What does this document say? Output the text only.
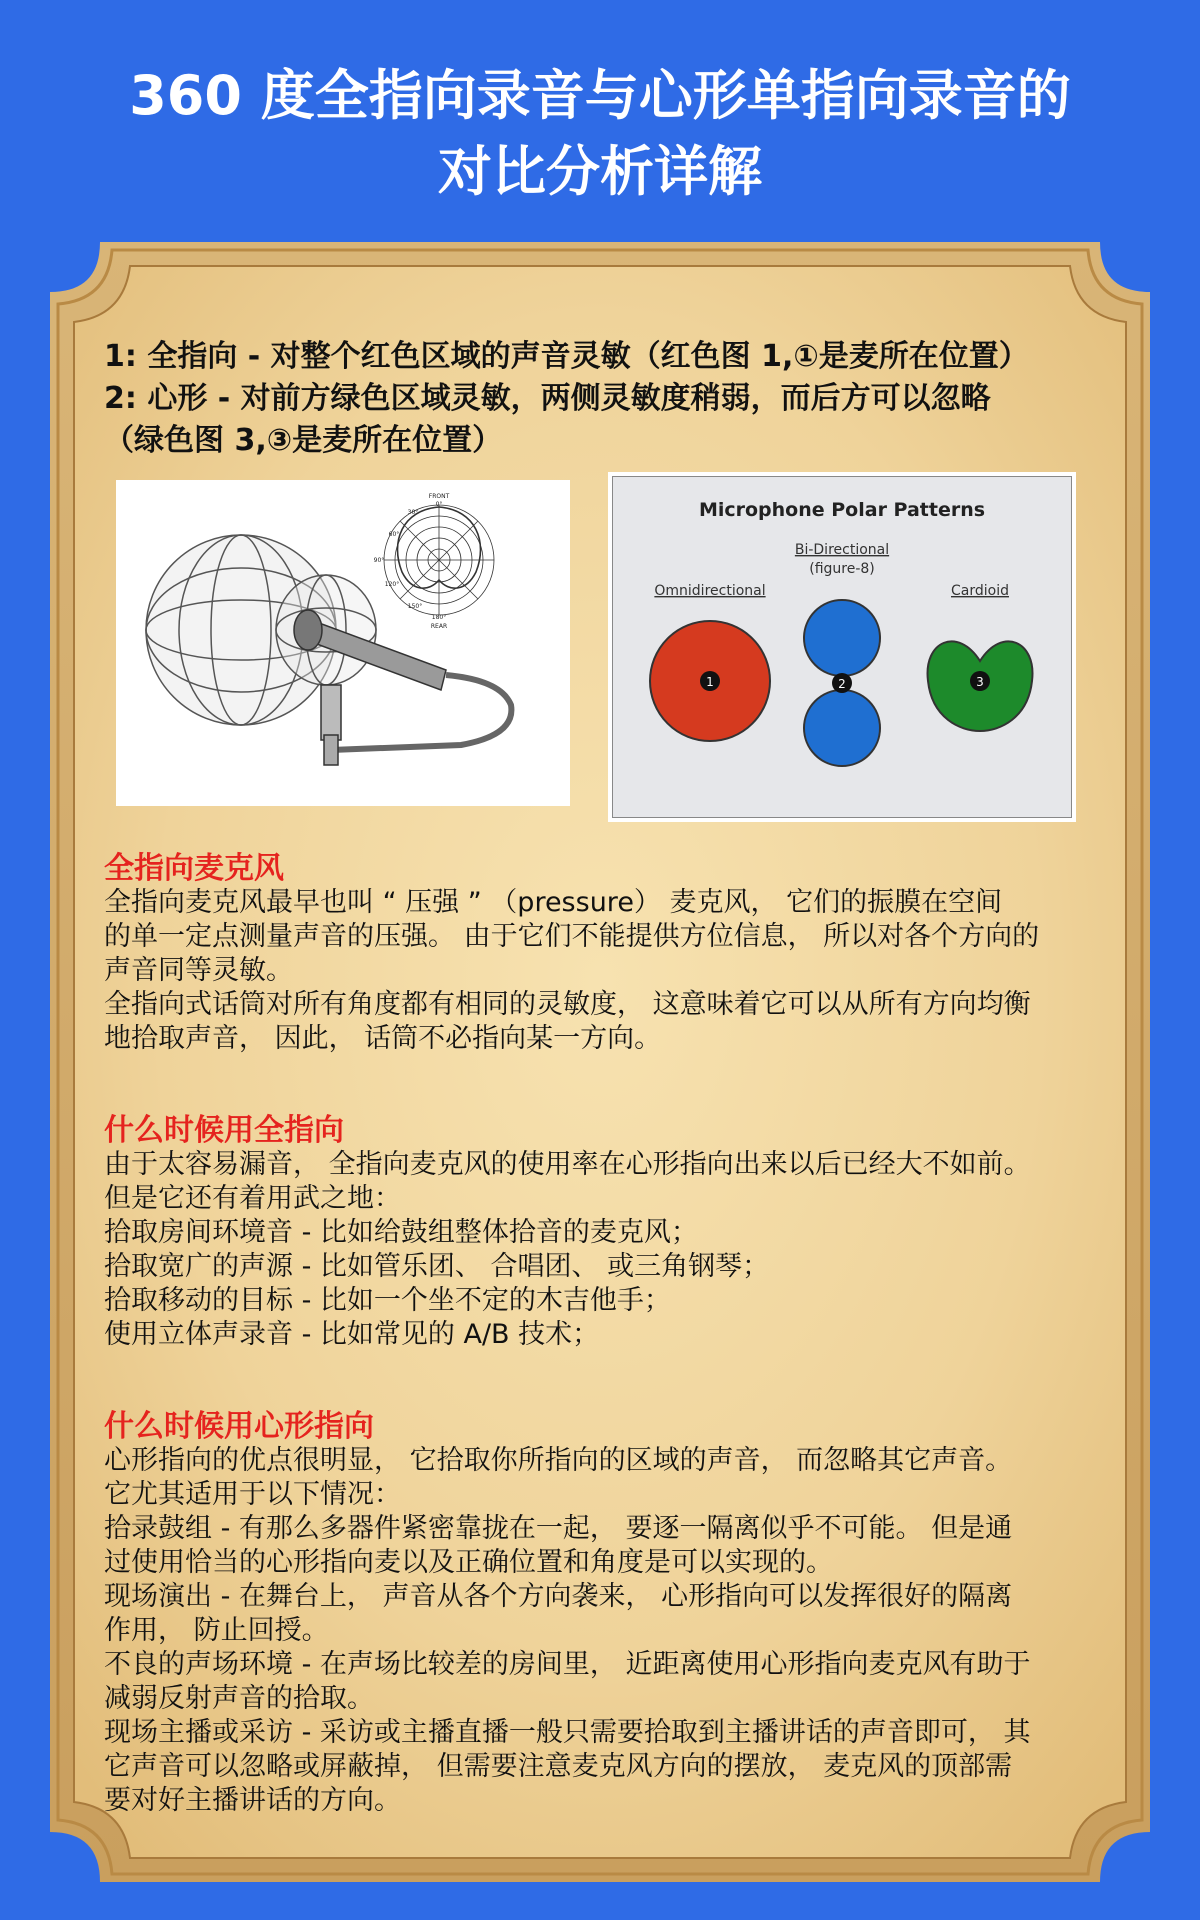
360 度全指向录音与心形单指向录音的
对比分析详解

1: 全指向 - 对整个红色区域的声音灵敏（红色图 1,①是麦所在位置）

2: 心形 - 对前方绿色区域灵敏，两侧灵敏度稍弱，而后方可以忽略

（绿色图 3,③是麦所在位置）

FRONT
REAR
0°
30°
60°
90°
120°
150°
180°
Microphone Polar Patterns
Bi-Directional
(figure-8)
Omnidirectional	Cardioid
1	2	3

全指向麦克风

全指向麦克风最早也叫 “ 压强 ” （pressure） 麦克风， 它们的振膜在空间

的单一定点测量声音的压强。 由于它们不能提供方位信息， 所以对各个方向的

声音同等灵敏。

全指向式话筒对所有角度都有相同的灵敏度， 这意味着它可以从所有方向均衡

地拾取声音， 因此， 话筒不必指向某一方向。

什么时候用全指向

由于太容易漏音， 全指向麦克风的使用率在心形指向出来以后已经大不如前。

但是它还有着用武之地：

拾取房间环境音 - 比如给鼓组整体拾音的麦克风；

拾取宽广的声源 - 比如管乐团、 合唱团、 或三角钢琴；

拾取移动的目标 - 比如一个坐不定的木吉他手；

使用立体声录音 - 比如常见的 A/B 技术；

什么时候用心形指向

心形指向的优点很明显， 它拾取你所指向的区域的声音， 而忽略其它声音。

它尤其适用于以下情况：

拾录鼓组 - 有那么多器件紧密靠拢在一起， 要逐一隔离似乎不可能。 但是通

过使用恰当的心形指向麦以及正确位置和角度是可以实现的。

现场演出 - 在舞台上， 声音从各个方向袭来， 心形指向可以发挥很好的隔离

作用， 防止回授。

不良的声场环境 - 在声场比较差的房间里， 近距离使用心形指向麦克风有助于

减弱反射声音的拾取。

现场主播或采访 - 采访或主播直播一般只需要拾取到主播讲话的声音即可， 其

它声音可以忽略或屏蔽掉， 但需要注意麦克风方向的摆放， 麦克风的顶部需

要对好主播讲话的方向。
